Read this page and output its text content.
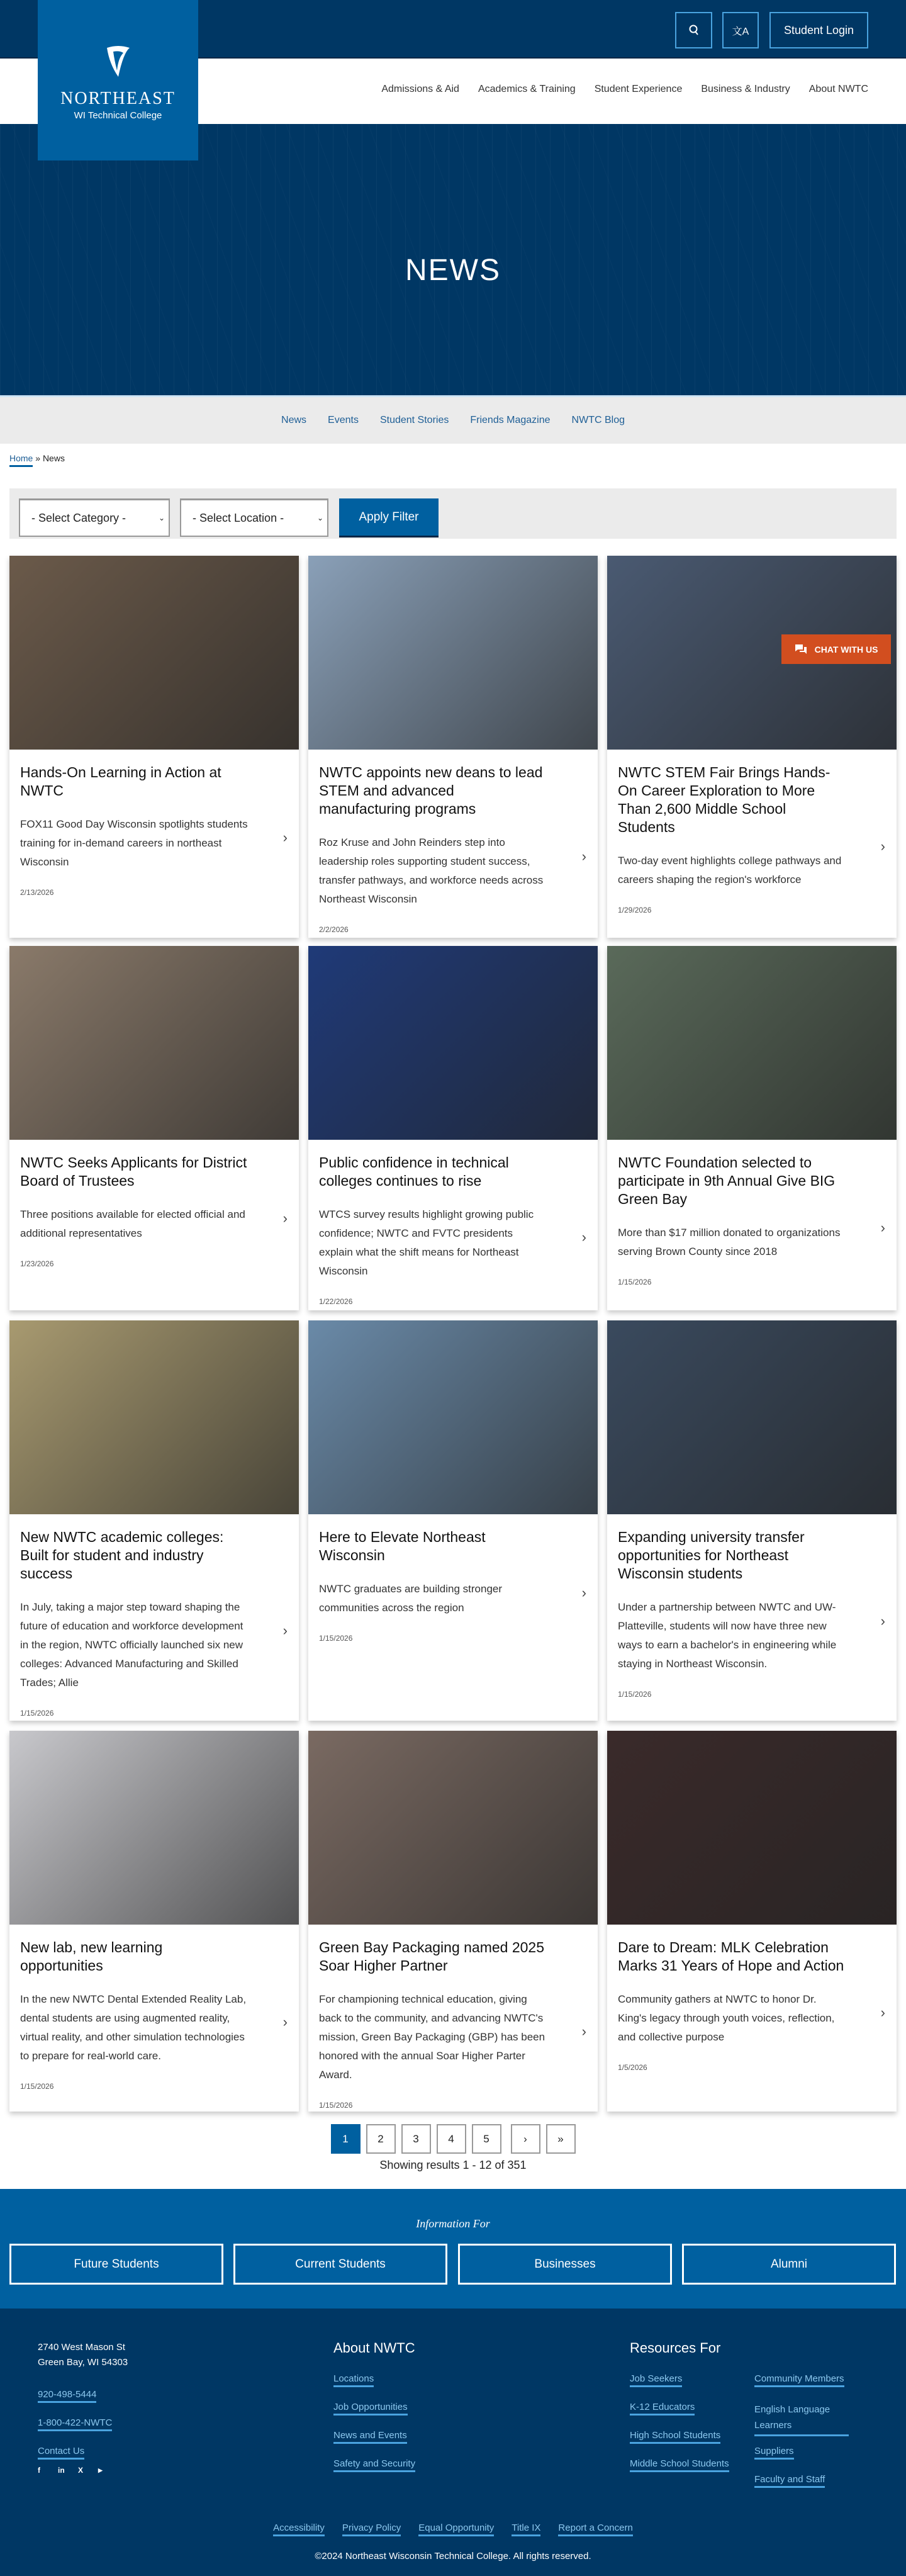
文A	Student Login
Admissions & Aid Academics & Training Student Experience Business & Industry About NWTC
NORTHEAST
WI Technical College
NEWS
News Events Student Stories Friends Magazine NWTC Blog
Home » News
- Select Category -	⌄ - Select Location -	⌄	Apply Filter
Hands-On Learning in Action at NWTC
FOX11 Good Day Wisconsin spotlights students training for in-demand careers in northeast Wisconsin
2/13/2026
›
NWTC appoints new deans to lead STEM and advanced manufacturing programs
Roz Kruse and John Reinders step into leadership roles supporting student success, transfer pathways, and workforce needs across Northeast Wisconsin
2/2/2026
›
NWTC STEM Fair Brings Hands-On Career Exploration to More Than 2,600 Middle School Students
Two-day event highlights college pathways and careers shaping the region's workforce
1/29/2026
›
NWTC Seeks Applicants for District Board of Trustees
Three positions available for elected official and additional representatives
1/23/2026
›
Public confidence in technical colleges continues to rise
WTCS survey results highlight growing public confidence; NWTC and FVTC presidents explain what the shift means for Northeast Wisconsin
1/22/2026
›
NWTC Foundation selected to participate in 9th Annual Give BIG Green Bay
More than $17 million donated to organizations serving Brown County since 2018
1/15/2026
›
New NWTC academic colleges: Built for student and industry success
In July, taking a major step toward shaping the future of education and workforce development in the region, NWTC officially launched six new colleges: Advanced Manufacturing and Skilled Trades; Allie
1/15/2026
›
Here to Elevate Northeast Wisconsin
NWTC graduates are building stronger communities across the region
1/15/2026
›
Expanding university transfer opportunities for Northeast Wisconsin students
Under a partnership between NWTC and UW-Platteville, students will now have three new ways to earn a bachelor's in engineering while staying in Northeast Wisconsin.
1/15/2026
›
New lab, new learning opportunities
In the new NWTC Dental Extended Reality Lab, dental students are using augmented reality, virtual reality, and other simulation technologies to prepare for real-world care.
1/15/2026
›
Green Bay Packaging named 2025 Soar Higher Partner
For championing technical education, giving back to the community, and advancing NWTC's mission, Green Bay Packaging (GBP) has been honored with the annual Soar Higher Parter Award.
1/15/2026
›
Dare to Dream: MLK Celebration Marks 31 Years of Hope and Action
Community gathers at NWTC to honor Dr. King's legacy through youth voices, reflection, and collective purpose
1/5/2026
›
CHAT WITH US
1	2	3	4	5	›	»
Showing results 1 - 12 of 351
Information For
Future Students	Current Students	Businesses	Alumni
2740 West Mason St
Green Bay, WI 54303
920-498-5444
1-800-422-NWTC
Contact Us
f in X	▶
About NWTC
Locations
Job Opportunities
News and Events
Safety and Security
Resources For
Job Seekers
K-12 Educators
High School Students
Middle School Students
Community Members
English Language Learners
Suppliers
Faculty and Staff
Accessibility Privacy Policy Equal Opportunity Title IX Report a Concern
©2024 Northeast Wisconsin Technical College. All rights reserved.
